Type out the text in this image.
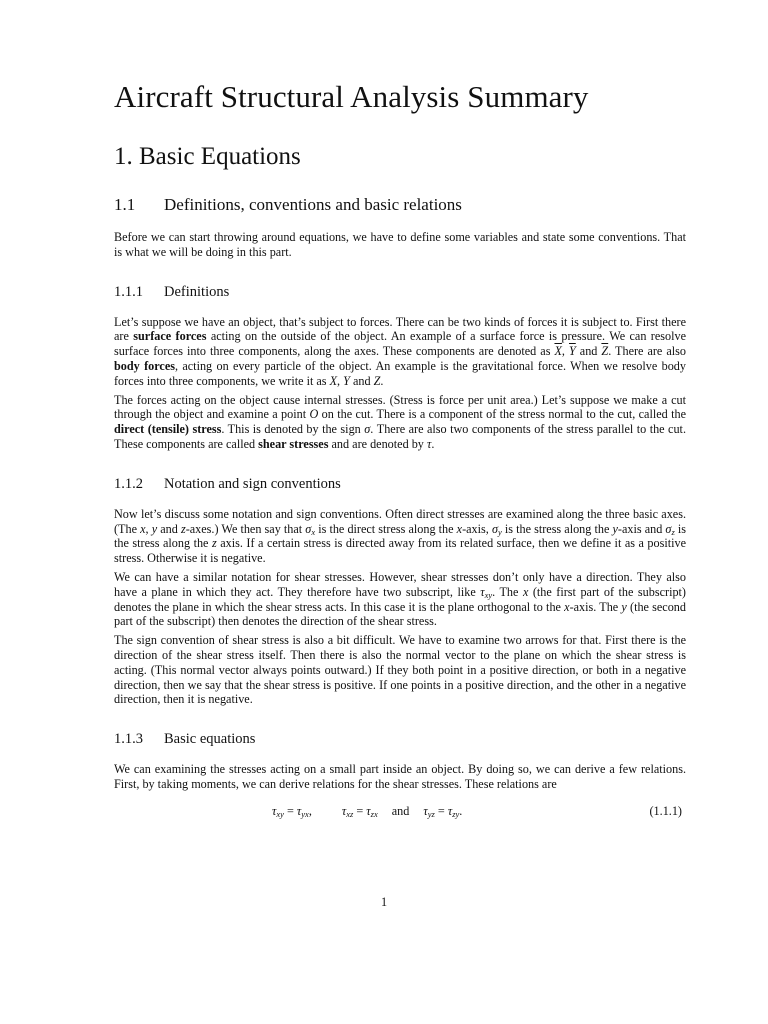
Aircraft Structural Analysis Summary
1. Basic Equations
1.1 Definitions, conventions and basic relations

Before we can start throwing around equations, we have to define some variables and state some conventions. That is what we will be doing in this part.

1.1.1 Definitions

Let’s suppose we have an object, that’s subject to forces. There can be two kinds of forces it is subject to. First there are surface forces acting on the outside of the object. An example of a surface force is pressure. We can resolve surface forces into three components, along the axes. These components are denoted as $\overline{X}$, $\overline{Y}$ and $\overline{Z}$. There are also body forces, acting on every particle of the object. An example is the gravitational force. When we resolve body forces into three components, we write it as X, Y and Z.

The forces acting on the object cause internal stresses. (Stress is force per unit area.) Let’s suppose we make a cut through the object and examine a point O on the cut. There is a component of the stress normal to the cut, called the direct (tensile) stress. This is denoted by the sign σ. There are also two components of the stress parallel to the cut. These components are called shear stresses and are denoted by τ.

1.1.2 Notation and sign conventions

Now let’s discuss some notation and sign conventions. Often direct stresses are examined along the three basic axes. (The x, y and z-axes.) We then say that $\sigma_x$ is the direct stress along the x-axis, $\sigma_y$ is the stress along the y-axis and $\sigma_z$ is the stress along the z axis. If a certain stress is directed away from its related surface, then we define it as a positive stress. Otherwise it is negative.

We can have a similar notation for shear stresses. However, shear stresses don’t only have a direction. They also have a plane in which they act. They therefore have two subscript, like $\tau_{xy}$. The x (the first part of the subscript) denotes the plane in which the shear stress acts. In this case it is the plane orthogonal to the x-axis. The y (the second part of the subscript) then denotes the direction of the shear stress.

The sign convention of shear stress is also a bit difficult. We have to examine two arrows for that. First there is the direction of the shear stress itself. Then there is also the normal vector to the plane on which the shear stress is acting. (This normal vector always points outward.) If they both point in a positive direction, or both in a negative direction, then we say that the shear stress is positive. If one points in a positive direction, and the other in a negative direction, then it is negative.

1.1.3 Basic equations

We can examining the stresses acting on a small part inside an object. By doing so, we can derive a few relations. First, by taking moments, we can derive relations for the shear stresses. These relations are

$\tau_{xy} = \tau_{yx}$, $\tau_{xz} = \tau_{zx}$ and $\tau_{yz} = \tau_{zy}$.	(1.1.1)
1
